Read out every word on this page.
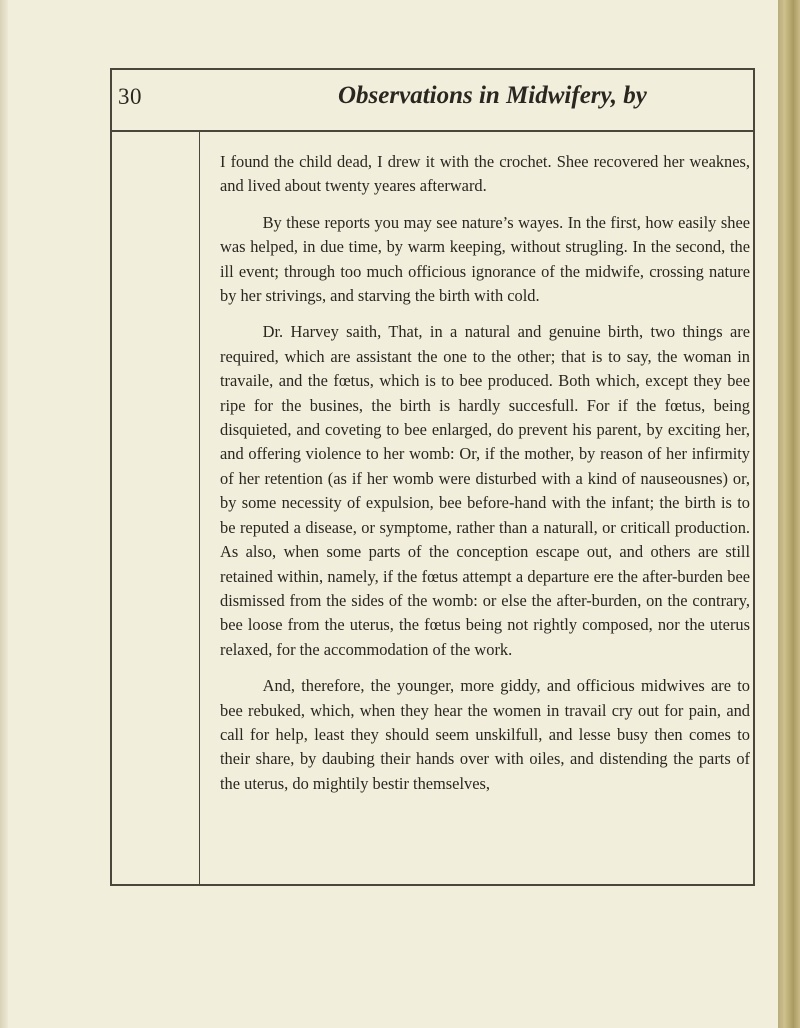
30	Observations in Midwifery, by

I found the child dead, I drew it with the crochet. Shee recovered her weaknes, and lived about twenty yeares afterward.

By these reports you may see nature’s wayes. In the first, how easily shee was helped, in due time, by warm keeping, without strugling. In the second, the ill event; through too much officious ignorance of the midwife, crossing nature by her strivings, and starving the birth with cold.

Dr. Harvey saith, That, in a natural and genuine birth, two things are required, which are assistant the one to the other; that is to say, the woman in travaile, and the fœtus, which is to bee produced. Both which, except they bee ripe for the busines, the birth is hardly succesfull. For if the fœtus, being disquieted, and coveting to bee enlarged, do prevent his parent, by exciting her, and offering violence to her womb: Or, if the mother, by reason of her infirmity of her retention (as if her womb were disturbed with a kind of nauseousnes) or, by some necessity of expulsion, bee before-hand with the infant; the birth is to be reputed a disease, or symptome, rather than a naturall, or criticall production. As also, when some parts of the conception escape out, and others are still retained within, namely, if the fœtus attempt a departure ere the after-burden bee dismissed from the sides of the womb: or else the after-burden, on the contrary, bee loose from the uterus, the fœtus being not rightly composed, nor the uterus relaxed, for the accommodation of the work.

And, therefore, the younger, more giddy, and officious midwives are to bee rebuked, which, when they hear the women in travail cry out for pain, and call for help, least they should seem unskilfull, and lesse busy then comes to their share, by daubing their hands over with oiles, and distending the parts of the uterus, do mightily bestir themselves,
